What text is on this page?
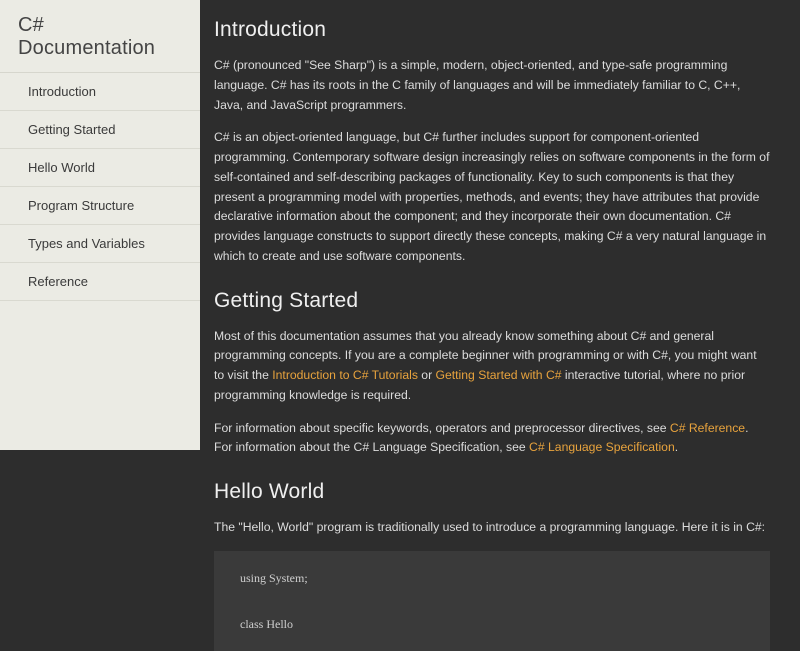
C# Documentation
Introduction
Getting Started
Hello World
Program Structure
Types and Variables
Reference
Introduction

C# (pronounced "See Sharp") is a simple, modern, object-oriented, and type-safe programming language. C# has its roots in the C family of languages and will be immediately familiar to C, C++, Java, and JavaScript programmers.

C# is an object-oriented language, but C# further includes support for component-oriented programming. Contemporary software design increasingly relies on software components in the form of self-contained and self-describing packages of functionality. Key to such components is that they present a programming model with properties, methods, and events; they have attributes that provide declarative information about the component; and they incorporate their own documentation. C# provides language constructs to support directly these concepts, making C# a very natural language in which to create and use software components.

Getting Started

Most of this documentation assumes that you already know something about C# and general programming concepts. If you are a complete beginner with programming or with C#, you might want to visit the Introduction to C# Tutorials or Getting Started with C# interactive tutorial, where no prior programming knowledge is required.

For information about specific keywords, operators and preprocessor directives, see C# Reference. For information about the C# Language Specification, see C# Language Specification.

Hello World

The "Hello, World" program is traditionally used to introduce a programming language. Here it is in C#:

using System;

class Hello
